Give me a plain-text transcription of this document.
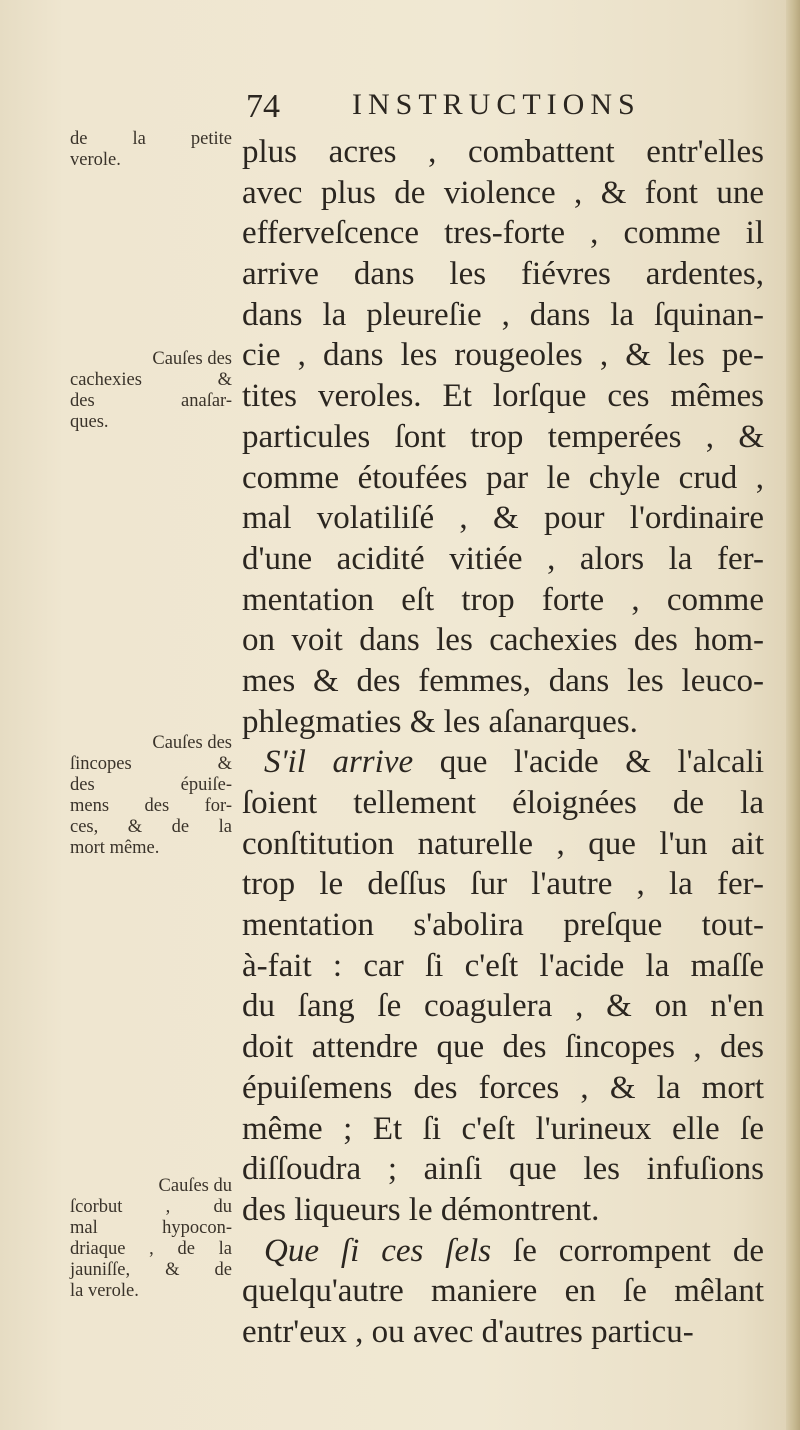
74 INSTRUCTIONS
plus acres , combattent entr'elles
avec plus de violence , & font une
efferveſcence tres-forte , comme il
arrive dans les fiévres ardentes,
dans la pleureſie , dans la ſquinan-
cie , dans les rougeoles , & les pe-
tites veroles. Et lorſque ces mêmes
particules ſont trop temperées , &
comme étoufées par le chyle crud ,
mal volatiliſé , & pour l'ordinaire
d'une acidité vitiée , alors la fer-
mentation eſt trop forte , comme
on voit dans les cachexies des hom-
mes & des femmes, dans les leuco-
phlegmaties & les aſanarques.
S'il arrive que l'acide & l'alcali
ſoient tellement éloignées de la
conſtitution naturelle , que l'un ait
trop le deſſus ſur l'autre , la fer-
mentation s'abolira preſque tout-
à-fait : car ſi c'eſt l'acide la maſſe
du ſang ſe coagulera , & on n'en
doit attendre que des ſincopes , des
épuiſemens des forces , & la mort
même ; Et ſi c'eſt l'urineux elle ſe
diſſoudra ; ainſi que les infuſions
des liqueurs le démontrent.
Que ſi ces ſels ſe corrompent de
quelqu'autre maniere en ſe mêlant
entr'eux , ou avec d'autres particu-
de la petite
verole.
Cauſes des
cachexies &
des anaſar-
ques.
Cauſes des
ſincopes &
des épuiſe-
mens des for-
ces, & de la
mort même.
Cauſes du
ſcorbut , du
mal hypocon-
driaque , de la
jauniſſe, & de
la verole.
